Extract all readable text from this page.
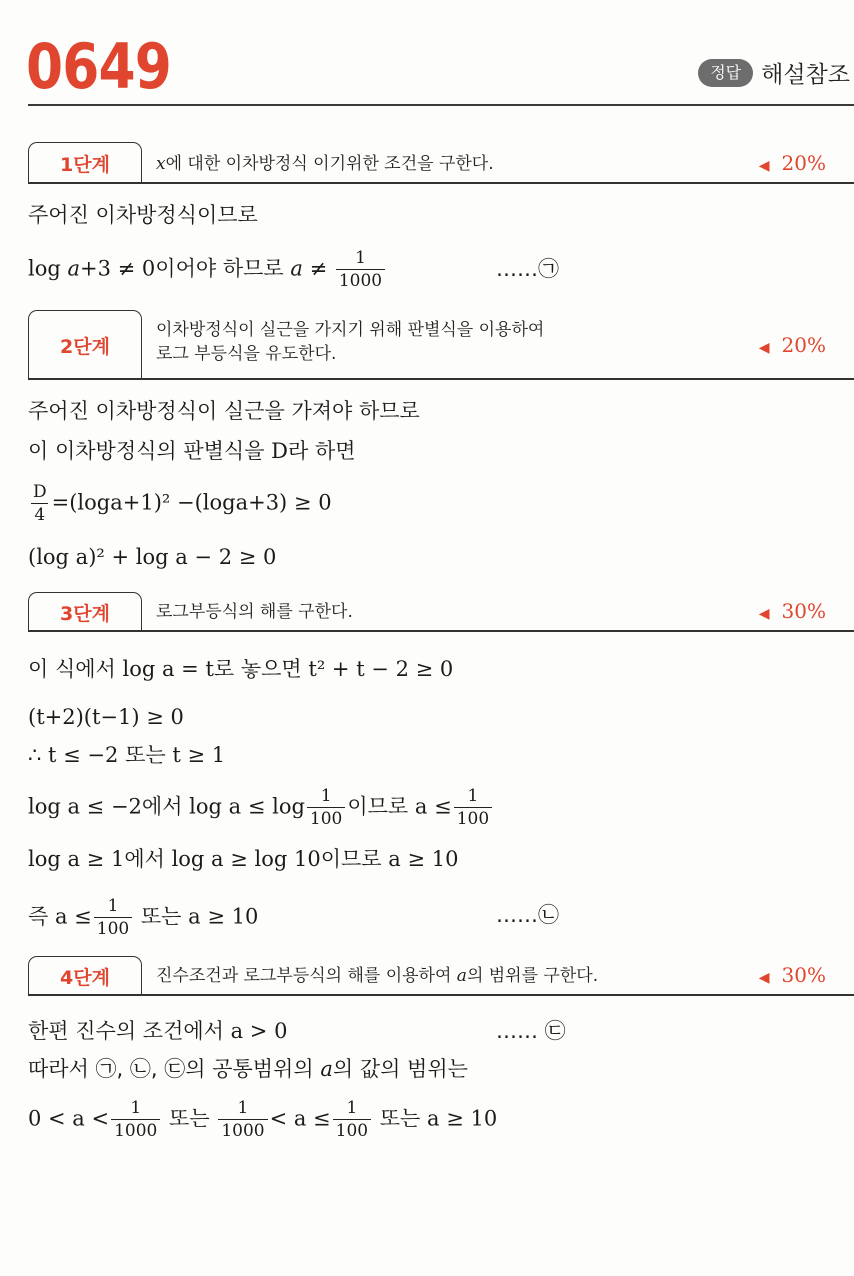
0649	정답 해설참조
1단계	x에 대한 이차방정식 이기위한 조건을 구한다.	◀ 20%
주어진 이차방정식이므로
log a+3 ≠ 0이어야 하므로 $a \ne \frac{1}{1000}$	……㉠
2단계
이차방정식이 실근을 가지기 위해 판별식을 이용하여
로그 부등식을 유도한다.	◀ 20%
주어진 이차방정식이 실근을 가져야 하므로
이 이차방정식의 판별식을 D라 하면
$\frac{D}{4} =(\log а+1)^2 -(\log а+3) \ge 0$
(log a)² + log a − 2 ≥ 0
3단계	로그부등식의 해를 구한다.	◀ 30%
이 식에서 log a = t로 놓으면 t² + t − 2 ≥ 0
(t+2)(t−1) ≥ 0
∴ t ≤ −2 또는 t ≥ 1
log a ≤ −2에서 $\log a \le \log \frac{1}{100}$ 이므로 $a \le \frac{1}{100}$
log a ≥ 1에서 log a ≥ log 10이므로 a ≥ 10
즉 $a \le \frac{1}{100}$ 또는 a ≥ 10	……㉡
4단계	진수조건과 로그부등식의 해를 이용하여 a의 범위를 구한다.	◀ 30%
한편 진수의 조건에서 a > 0	…… ㉢
따라서 ㉠, ㉡, ㉢의 공통범위의 a의 값의 범위는
$0 < a < \frac{1}{1000}$ 또는 $\frac{1}{1000} < a \le \frac{1}{100}$ 또는 a ≥ 10
